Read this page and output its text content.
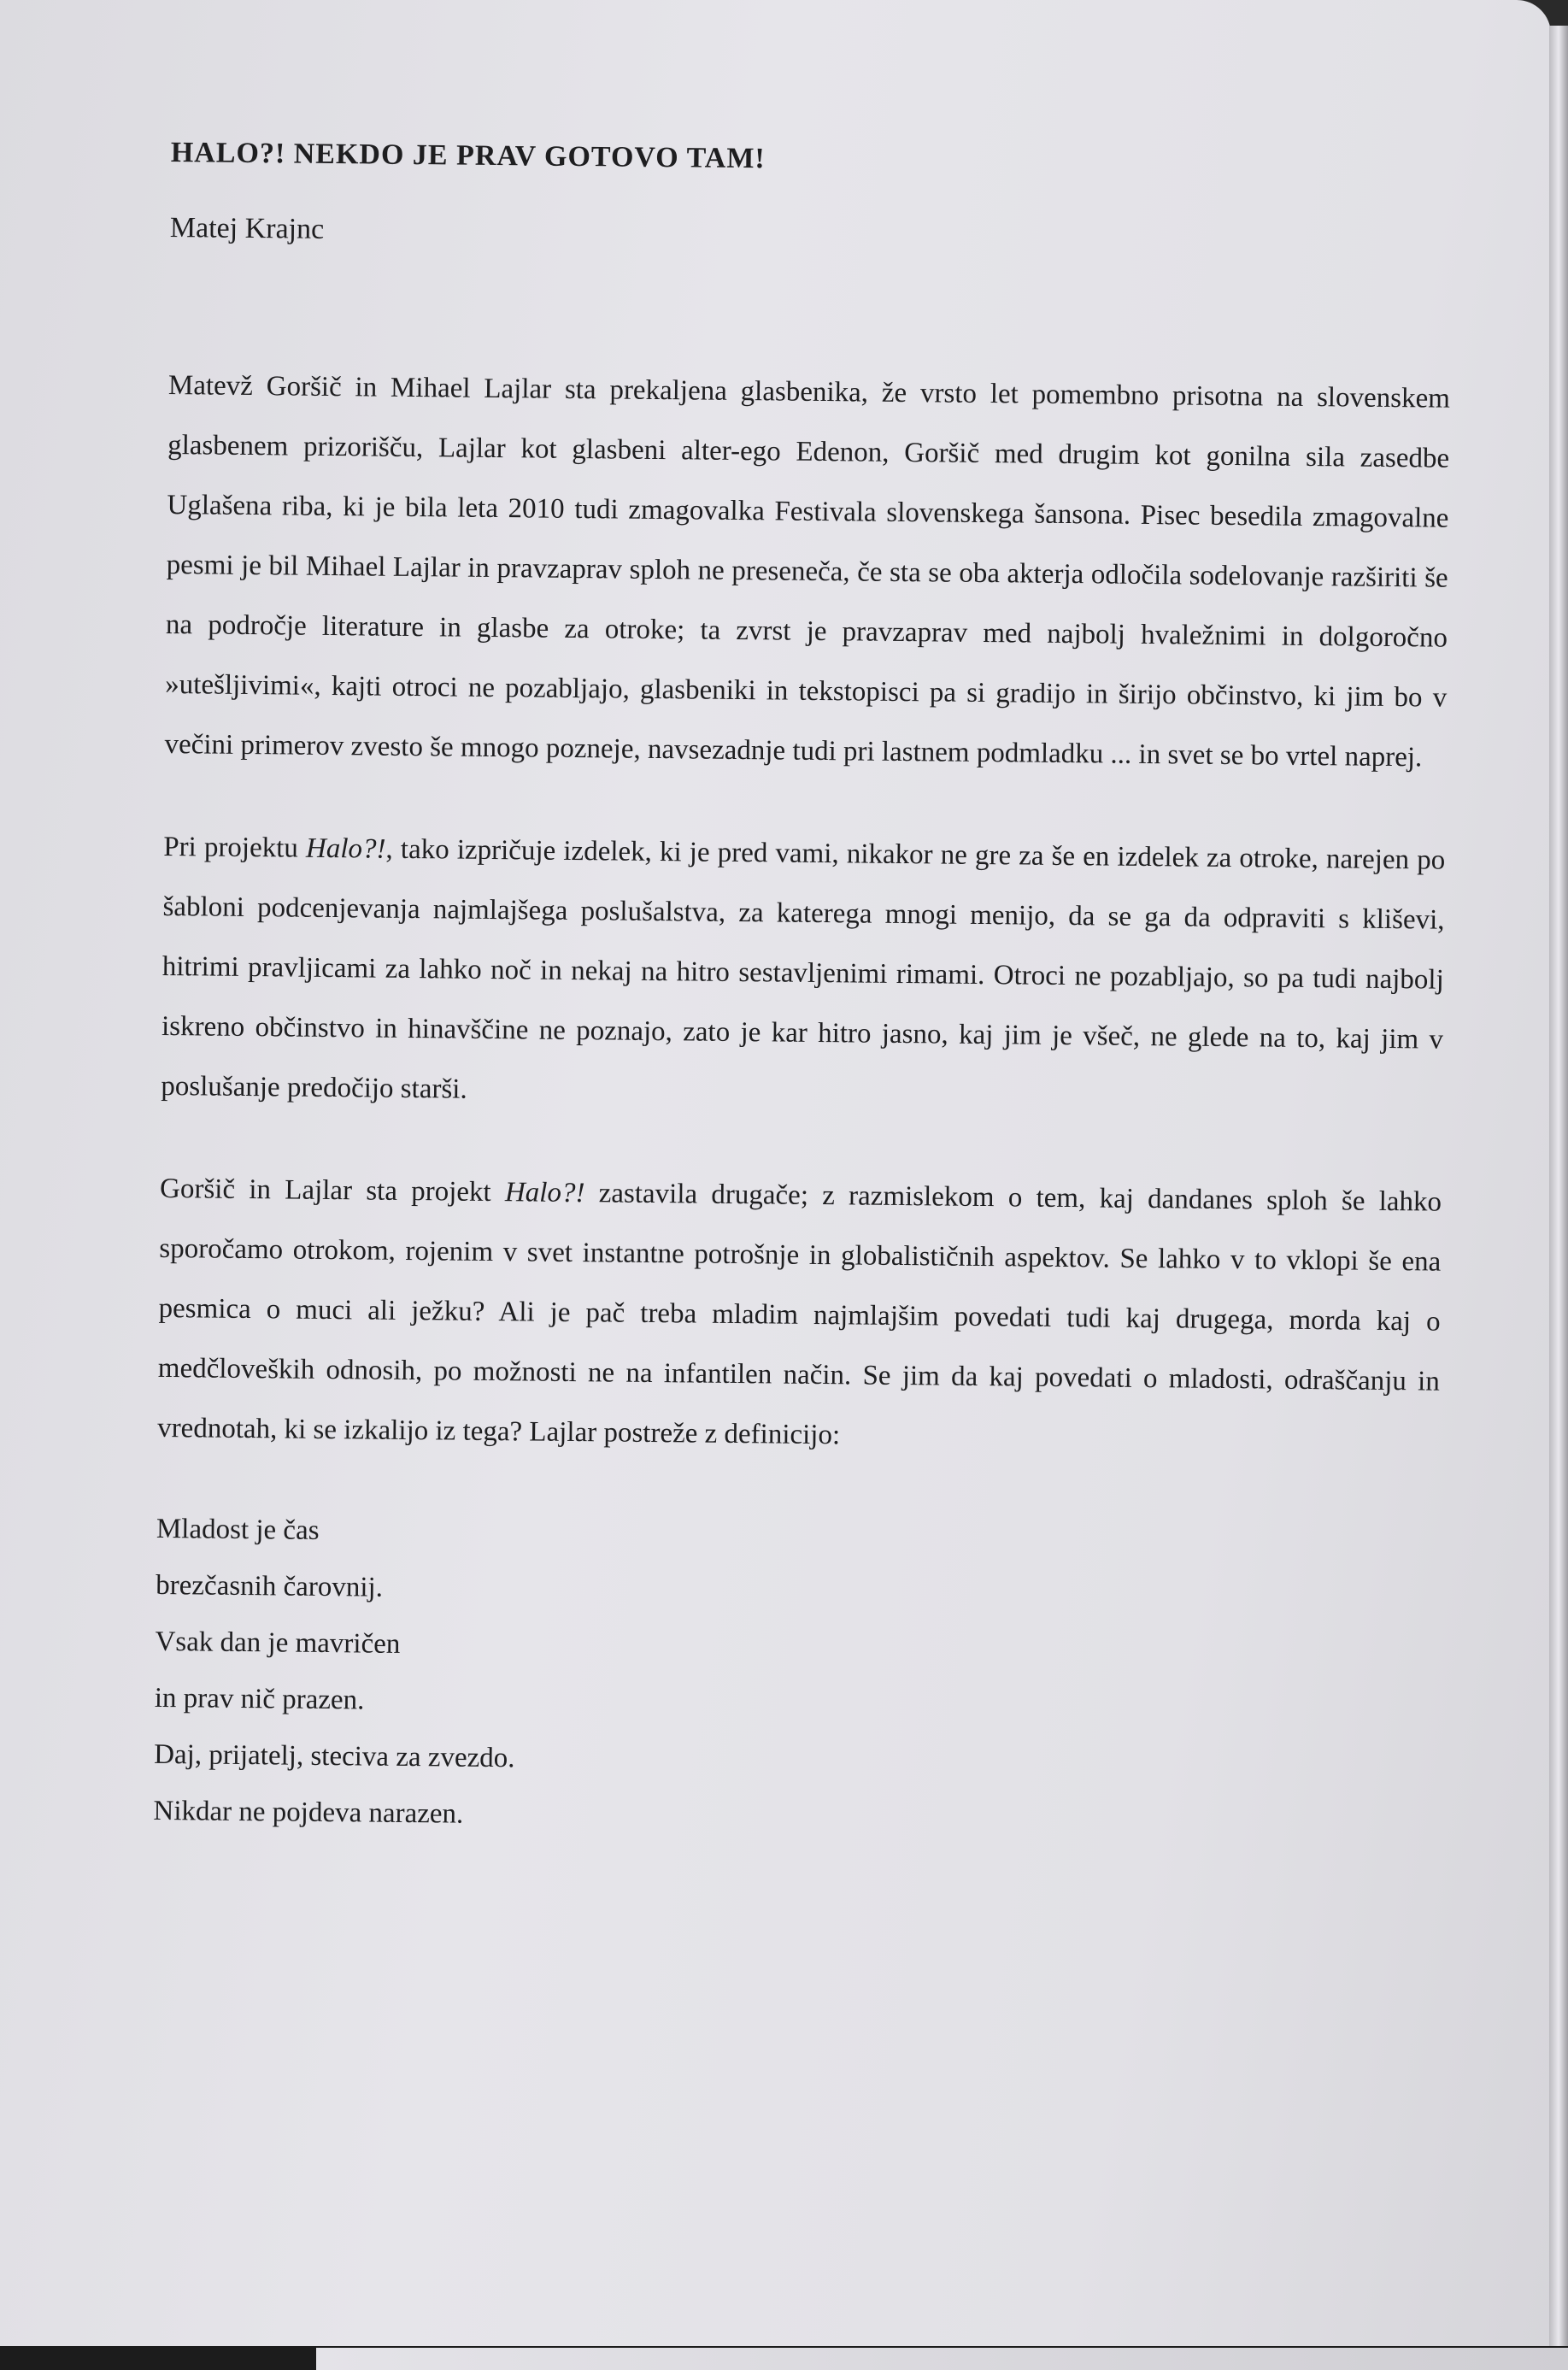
HALO?! NEKDO JE PRAV GOTOVO TAM!
Matej Krajnc

Matevž Goršič in Mihael Lajlar sta prekaljena glasbenika, že vrsto let pomembno prisotna na slovenskem glasbenem prizorišču, Lajlar kot glasbeni alter-ego Edenon, Goršič med drugim kot gonilna sila zasedbe Uglašena riba, ki je bila leta 2010 tudi zmagovalka Festivala slovenskega šansona. Pisec besedila zmagovalne pesmi je bil Mihael Lajlar in pravzaprav sploh ne preseneča, če sta se oba akterja odločila sodelovanje razširiti še na področje literature in glasbe za otroke; ta zvrst je pravzaprav med najbolj hvaležnimi in dolgoročno »utešljivimi«, kajti otroci ne pozabljajo, glasbeniki in tekstopisci pa si gradijo in širijo občinstvo, ki jim bo v večini primerov zvesto še mnogo pozneje, navsezadnje tudi pri lastnem podmladku ... in svet se bo vrtel naprej.

Pri projektu Halo?!, tako izpričuje izdelek, ki je pred vami, nikakor ne gre za še en izdelek za otroke, narejen po šabloni podcenjevanja najmlajšega poslušalstva, za katerega mnogi menijo, da se ga da odpraviti s kliševi, hitrimi pravljicami za lahko noč in nekaj na hitro sestavljenimi rimami. Otroci ne pozabljajo, so pa tudi najbolj iskreno občinstvo in hinavščine ne poznajo, zato je kar hitro jasno, kaj jim je všeč, ne glede na to, kaj jim v poslušanje predočijo starši.

Goršič in Lajlar sta projekt Halo?! zastavila drugače; z razmislekom o tem, kaj dandanes sploh še lahko sporočamo otrokom, rojenim v svet instantne potrošnje in globalističnih aspektov. Se lahko v to vklopi še ena pesmica o muci ali ježku? Ali je pač treba mladim najmlajšim povedati tudi kaj drugega, morda kaj o medčloveških odnosih, po možnosti ne na infantilen način. Se jim da kaj povedati o mladosti, odraščanju in vrednotah, ki se izkalijo iz tega? Lajlar postreže z definicijo:

Mladost je čas
brezčasnih čarovnij.
Vsak dan je mavričen
in prav nič prazen.
Daj, prijatelj, steciva za zvezdo.
Nikdar ne pojdeva narazen.
